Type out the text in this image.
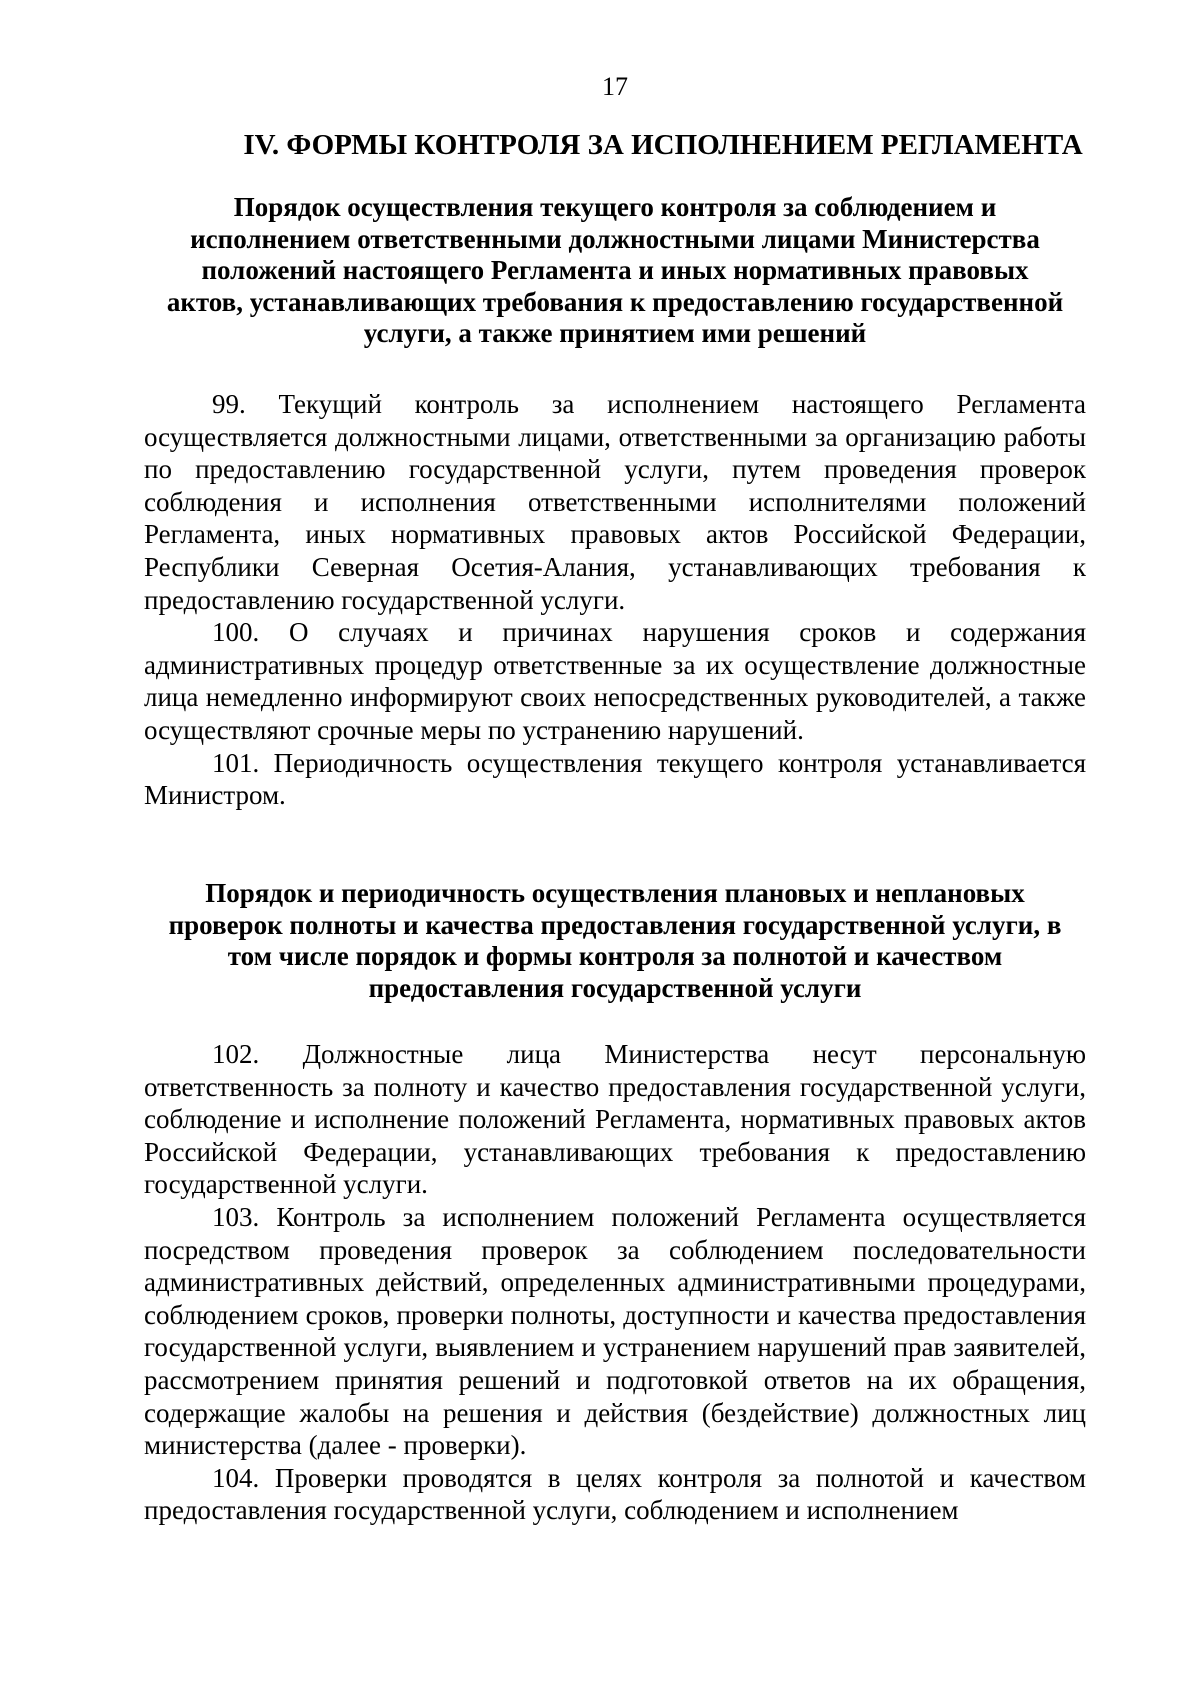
17
IV. ФОРМЫ КОНТРОЛЯ ЗА ИСПОЛНЕНИЕМ РЕГЛАМЕНТА
Порядок осуществления текущего контроля за соблюдением и
исполнением ответственными должностными лицами Министерства
положений настоящего Регламента и иных нормативных правовых
актов, устанавливающих требования к предоставлению государственной
услуги, а также принятием ими решений

99. Текущий контроль за исполнением настоящего Регламента осуществляется должностными лицами, ответственными за организацию работы по предоставлению государственной услуги, путем проведения проверок соблюдения и исполнения ответственными исполнителями положений Регламента, иных нормативных правовых актов Российской Федерации, Республики Северная Осетия-Алания, устанавливающих требования к предоставлению государственной услуги.

100. О случаях и причинах нарушения сроков и содержания административных процедур ответственные за их осуществление должностные лица немедленно информируют своих непосредственных руководителей, а также осуществляют срочные меры по устранению нарушений.

101. Периодичность осуществления текущего контроля устанавливается Министром.

Порядок и периодичность осуществления плановых и неплановых
проверок полноты и качества предоставления государственной услуги, в
том числе порядок и формы контроля за полнотой и качеством
предоставления государственной услуги

102. Должностные лица Министерства несут персональную ответственность за полноту и качество предоставления государственной услуги, соблюдение и исполнение положений Регламента, нормативных правовых актов Российской Федерации, устанавливающих требования к предоставлению государственной услуги.

103. Контроль за исполнением положений Регламента осуществляется посредством проведения проверок за соблюдением последовательности административных действий, определенных административными процедурами, соблюдением сроков, проверки полноты, доступности и качества предоставления государственной услуги, выявлением и устранением нарушений прав заявителей, рассмотрением принятия решений и подготовкой ответов на их обращения, содержащие жалобы на решения и действия (бездействие) должностных лиц министерства (далее - проверки).

104. Проверки проводятся в целях контроля за полнотой и качеством предоставления государственной услуги, соблюдением и исполнением
